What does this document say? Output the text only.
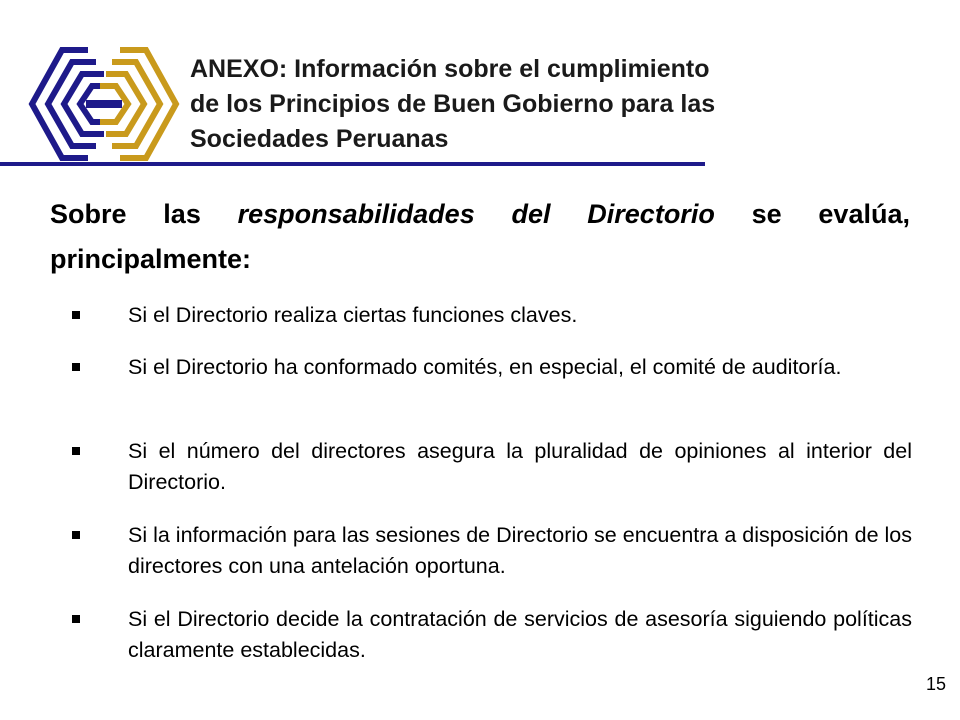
ANEXO: Información sobre el cumplimiento
de los Principios de Buen Gobierno para las
Sociedades Peruanas

Sobre las responsabilidades del Directorio se evalúa, principalmente:

Si el Directorio realiza ciertas funciones claves.
Si el Directorio ha conformado comités, en especial, el comité de auditoría.
Si el número del directores asegura la pluralidad de opiniones al interior del Directorio.
Si la información para las sesiones de Directorio se encuentra a disposición de los directores con una antelación oportuna.
Si el Directorio decide la contratación de servicios de asesoría siguiendo políticas claramente establecidas.
15
